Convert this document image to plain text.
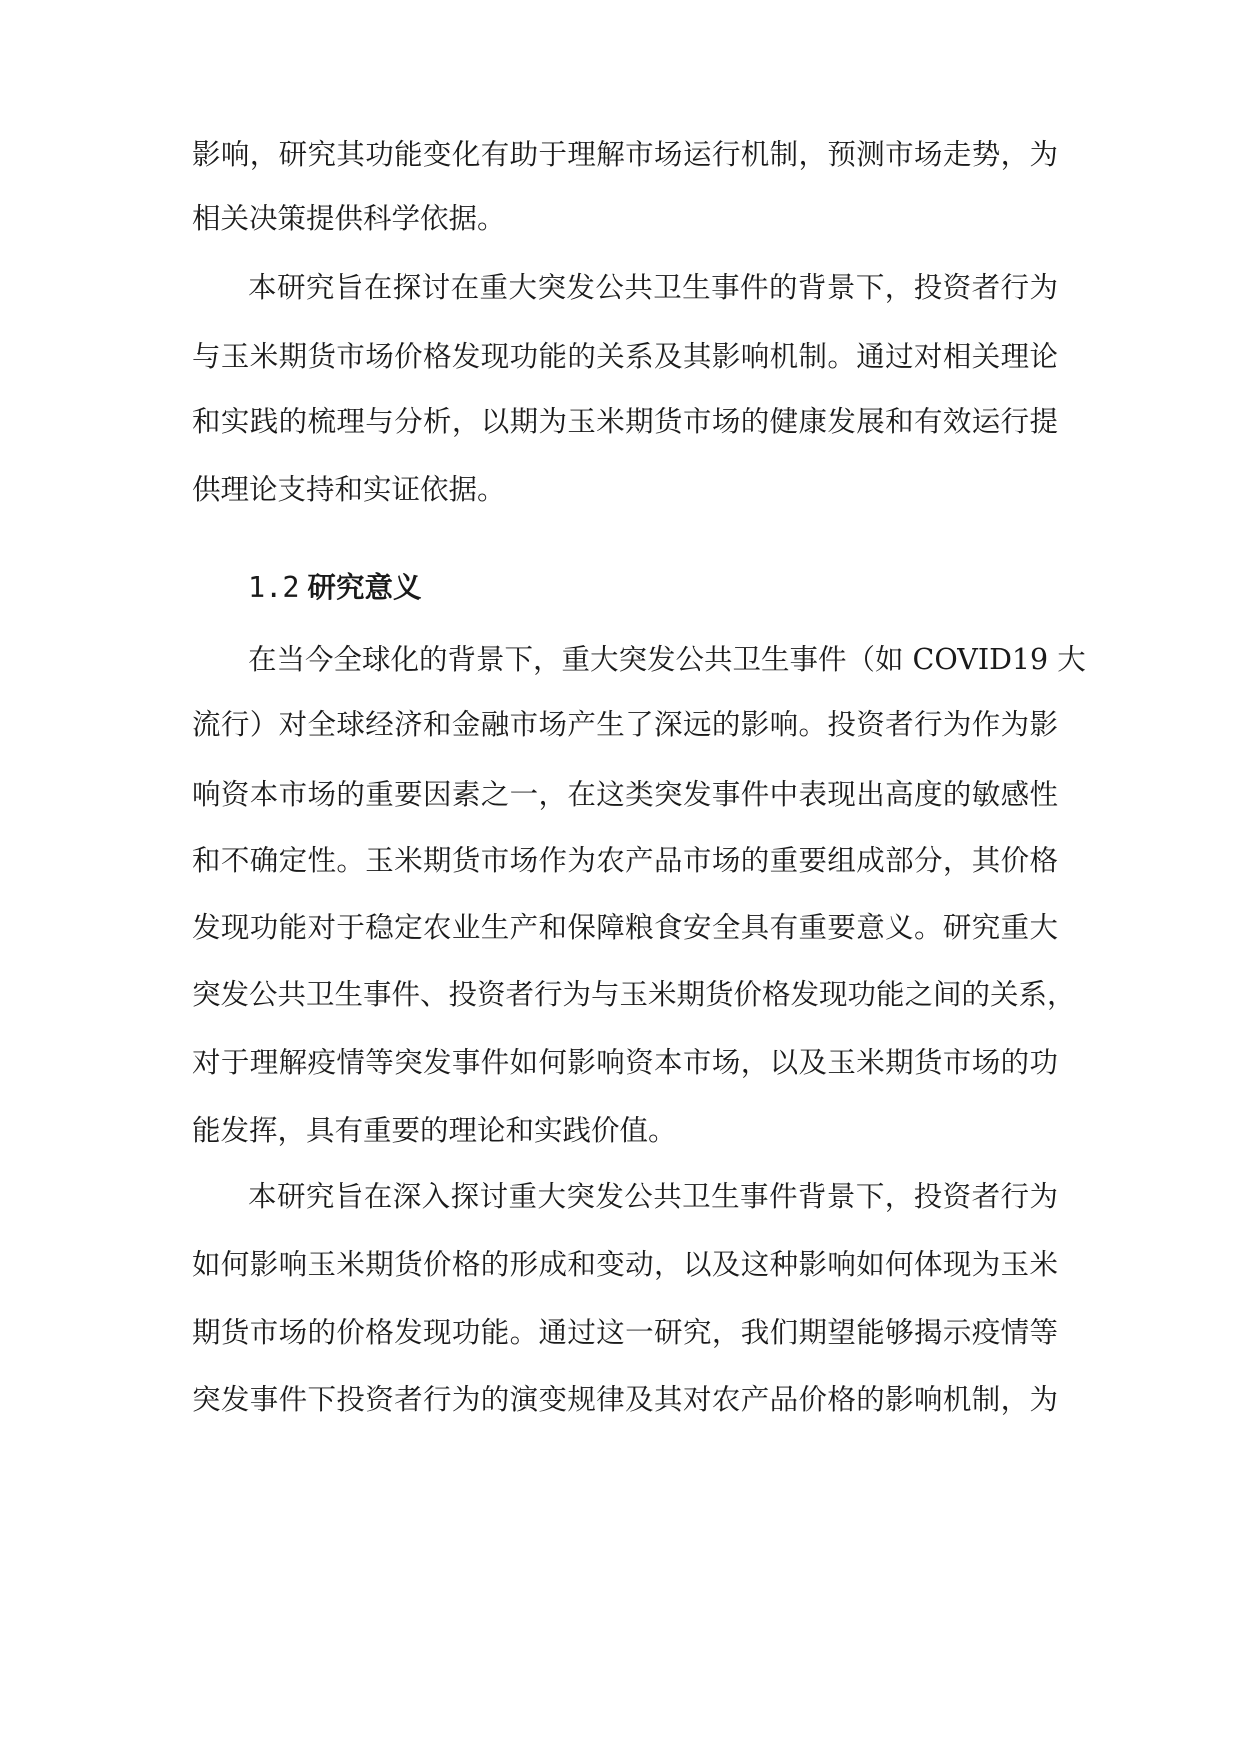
影响，研究其功能变化有助于理解市场运行机制，预测市场走势，为
相关决策提供科学依据。
本研究旨在探讨在重大突发公共卫生事件的背景下，投资者行为
与玉米期货市场价格发现功能的关系及其影响机制。通过对相关理论
和实践的梳理与分析，以期为玉米期货市场的健康发展和有效运行提
供理论支持和实证依据。
1.2 研究意义
在当今全球化的背景下，重大突发公共卫生事件（如 COVID19 大
流行）对全球经济和金融市场产生了深远的影响。投资者行为作为影
响资本市场的重要因素之一，在这类突发事件中表现出高度的敏感性
和不确定性。玉米期货市场作为农产品市场的重要组成部分，其价格
发现功能对于稳定农业生产和保障粮食安全具有重要意义。研究重大
突发公共卫生事件、投资者行为与玉米期货价格发现功能之间的关系，
对于理解疫情等突发事件如何影响资本市场，以及玉米期货市场的功
能发挥，具有重要的理论和实践价值。
本研究旨在深入探讨重大突发公共卫生事件背景下，投资者行为
如何影响玉米期货价格的形成和变动，以及这种影响如何体现为玉米
期货市场的价格发现功能。通过这一研究，我们期望能够揭示疫情等
突发事件下投资者行为的演变规律及其对农产品价格的影响机制，为
